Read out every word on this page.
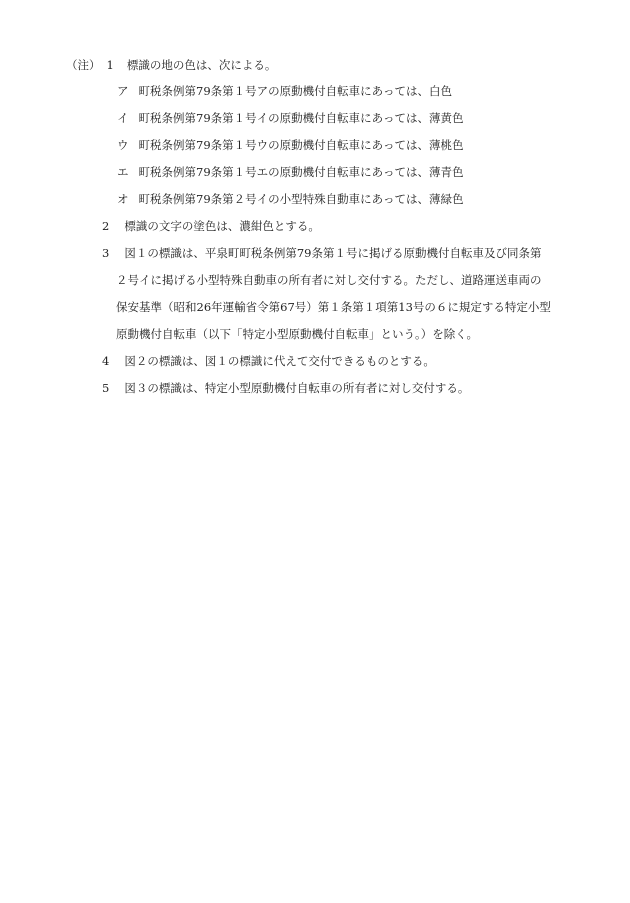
（注） 1 標識の地の色は、次による。
ア 町税条例第79条第１号アの原動機付自転車にあっては、白色
イ 町税条例第79条第１号イの原動機付自転車にあっては、薄黄色
ウ 町税条例第79条第１号ウの原動機付自転車にあっては、薄桃色
エ 町税条例第79条第１号エの原動機付自転車にあっては、薄青色
オ 町税条例第79条第２号イの小型特殊自動車にあっては、薄緑色
2 標識の文字の塗色は、濃紺色とする。
3 図１の標識は、平泉町町税条例第79条第１号に掲げる原動機付自転車及び同条第
２号イに掲げる小型特殊自動車の所有者に対し交付する。ただし、道路運送車両の
保安基準（昭和26年運輸省令第67号）第１条第１項第13号の６に規定する特定小型
原動機付自転車（以下「特定小型原動機付自転車」という。）を除く。
4 図２の標識は、図１の標識に代えて交付できるものとする。
5 図３の標識は、特定小型原動機付自転車の所有者に対し交付する。
